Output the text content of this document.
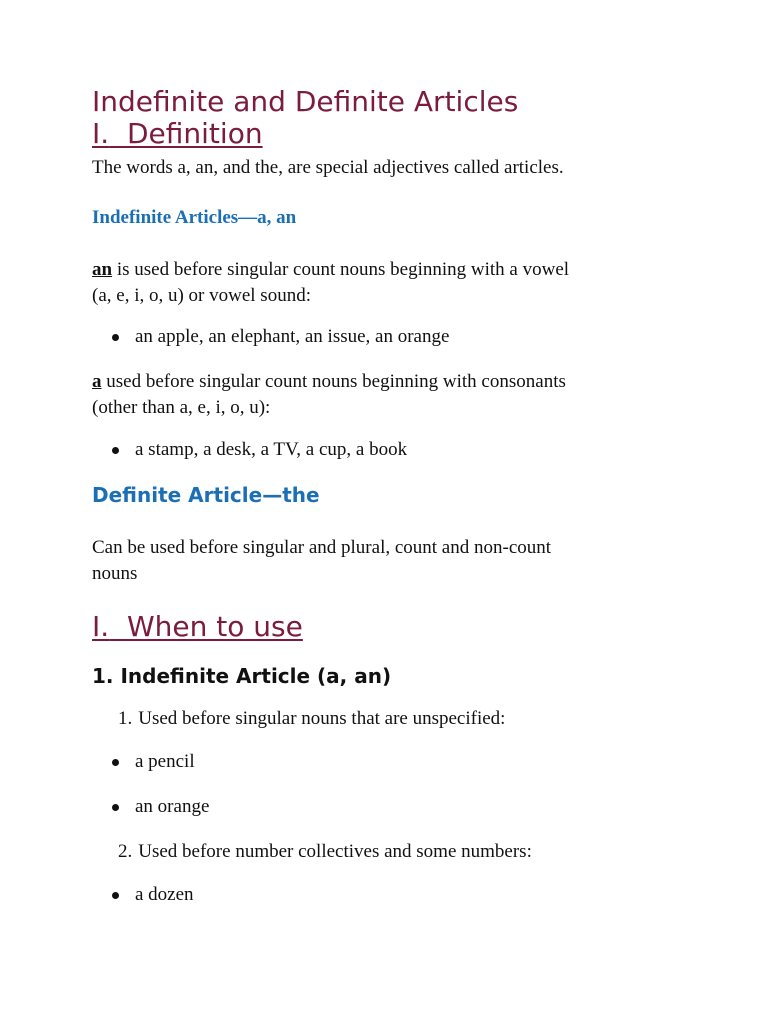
Indefinite and Definite Articles
I. Definition
The words a, an, and the, are special adjectives called articles.
Indefinite Articles—a, an
an is used before singular count nouns beginning with a vowel
(a, e, i, o, u) or vowel sound:
an apple, an elephant, an issue, an orange
a used before singular count nouns beginning with consonants
(other than a, e, i, o, u):
a stamp, a desk, a TV, a cup, a book
Definite Article—the
Can be used before singular and plural, count and non-count
nouns
I. When to use
1. Indefinite Article (a, an)
1. Used before singular nouns that are unspecified:
a pencil
an orange
2. Used before number collectives and some numbers:
a dozen
